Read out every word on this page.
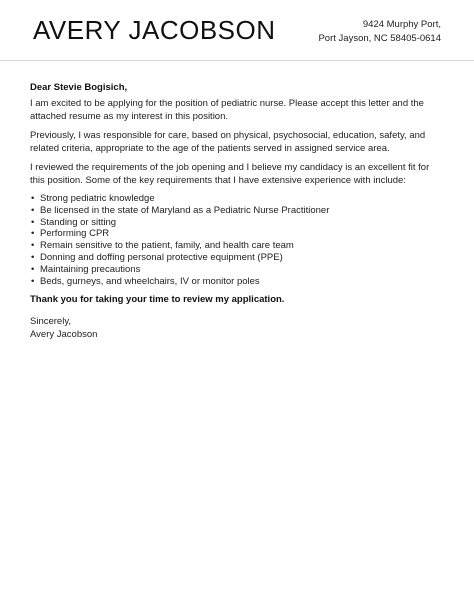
AVERY JACOBSON	9424 Murphy Port,
Port Jayson, NC 58405-0614

Dear Stevie Bogisich,

I am excited to be applying for the position of pediatric nurse. Please accept this letter and the attached resume as my interest in this position.

Previously, I was responsible for care, based on physical, psychosocial, education, safety, and related criteria, appropriate to the age of the patients served in assigned service area.

I reviewed the requirements of the job opening and I believe my candidacy is an excellent fit for this position. Some of the key requirements that I have extensive experience with include:

• Strong pediatric knowledge
• Be licensed in the state of Maryland as a Pediatric Nurse Practitioner
• Standing or sitting
• Performing CPR
• Remain sensitive to the patient, family, and health care team
• Donning and doffing personal protective equipment (PPE)
• Maintaining precautions
• Beds, gurneys, and wheelchairs, IV or monitor poles

Thank you for taking your time to review my application.

Sincerely,

Avery Jacobson
